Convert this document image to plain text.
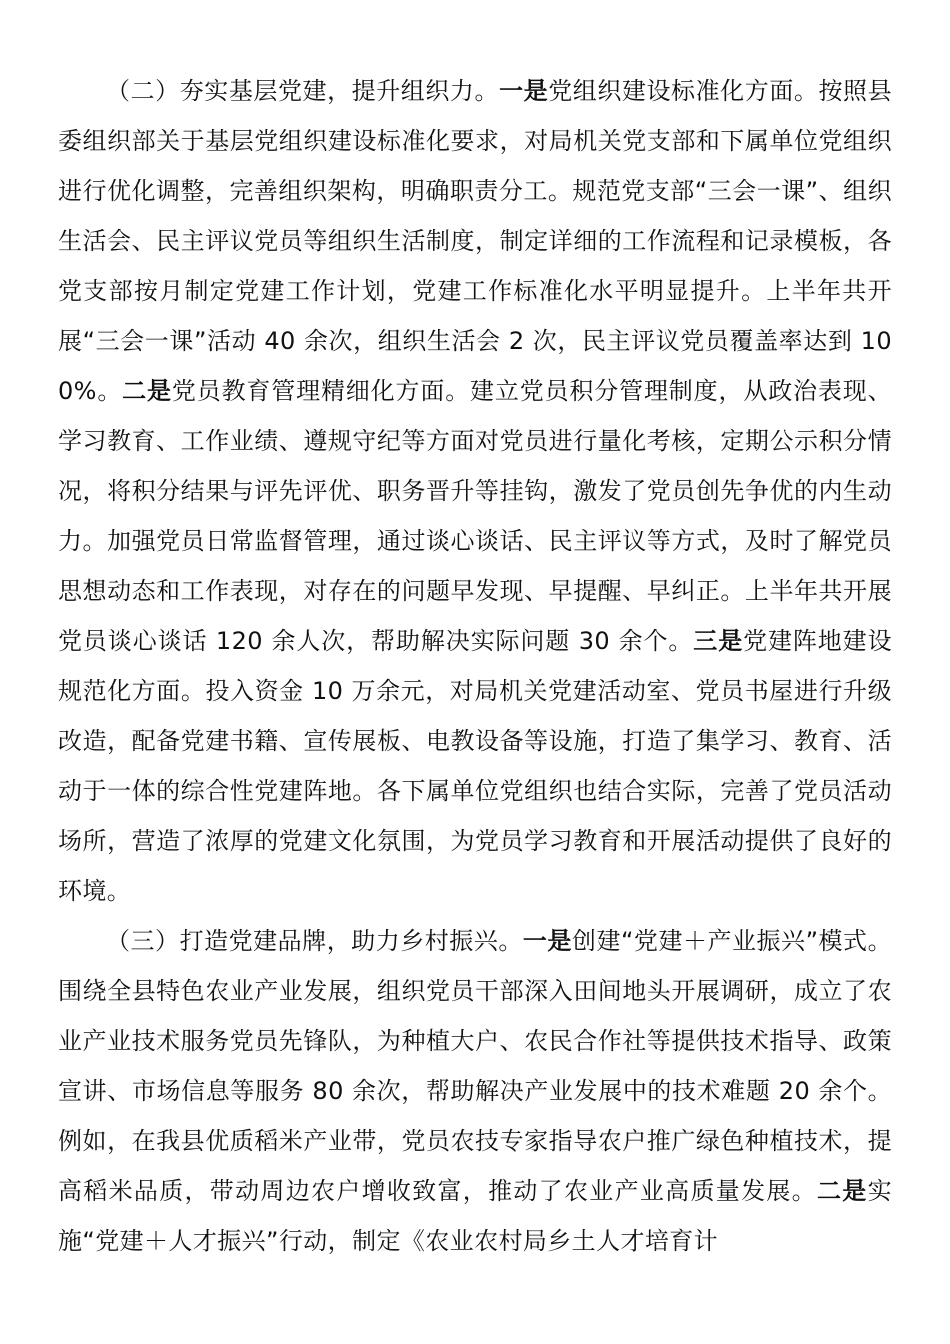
（二）夯实基层党建，提升组织力。一是党组织建设标准化方面。按照县委组织部关于基层党组织建设标准化要求，对局机关党支部和下属单位党组织进行优化调整，完善组织架构，明确职责分工。规范党支部“三会一课”、组织生活会、民主评议党员等组织生活制度，制定详细的工作流程和记录模板，各党支部按月制定党建工作计划，党建工作标准化水平明显提升。上半年共开展“三会一课”活动 40 余次，组织生活会 2 次，民主评议党员覆盖率达到 100%。二是党员教育管理精细化方面。建立党员积分管理制度，从政治表现、学习教育、工作业绩、遵规守纪等方面对党员进行量化考核，定期公示积分情况，将积分结果与评先评优、职务晋升等挂钩，激发了党员创先争优的内生动力。加强党员日常监督管理，通过谈心谈话、民主评议等方式，及时了解党员思想动态和工作表现，对存在的问题早发现、早提醒、早纠正。上半年共开展党员谈心谈话 120 余人次，帮助解决实际问题 30 余个。三是党建阵地建设规范化方面。投入资金 10 万余元，对局机关党建活动室、党员书屋进行升级改造，配备党建书籍、宣传展板、电教设备等设施，打造了集学习、教育、活动于一体的综合性党建阵地。各下属单位党组织也结合实际，完善了党员活动场所，营造了浓厚的党建文化氛围，为党员学习教育和开展活动提供了良好的环境。

（三）打造党建品牌，助力乡村振兴。一是创建“党建＋产业振兴”模式。围绕全县特色农业产业发展，组织党员干部深入田间地头开展调研，成立了农业产业技术服务党员先锋队，为种植大户、农民合作社等提供技术指导、政策宣讲、市场信息等服务 80 余次，帮助解决产业发展中的技术难题 20 余个。例如，在我县优质稻米产业带，党员农技专家指导农户推广绿色种植技术，提高稻米品质，带动周边农户增收致富，推动了农业产业高质量发展。二是实施“党建＋人才振兴”行动，制定《农业农村局乡土人才培育计
